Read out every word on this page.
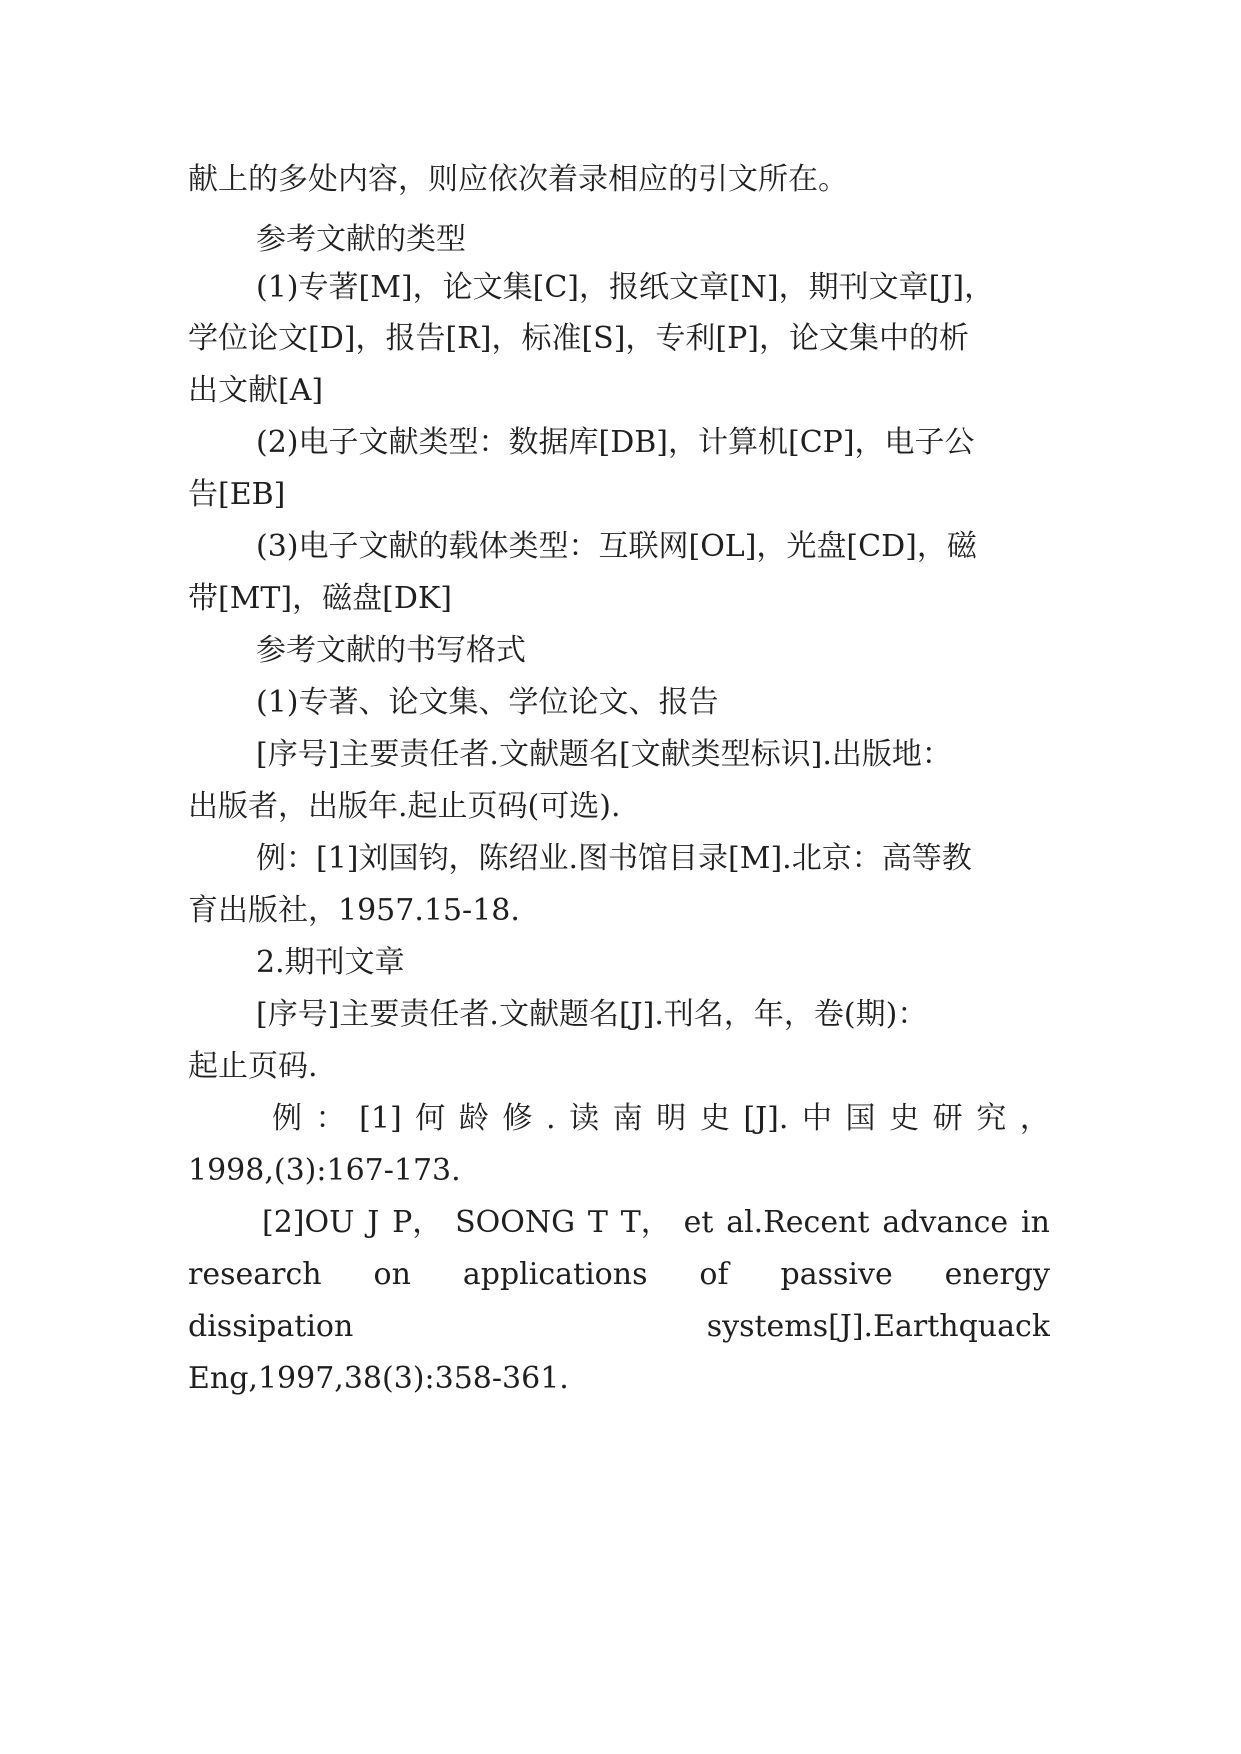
献上的多处内容，则应依次着录相应的引文所在。
参考文献的类型
(1)专著[M]，论文集[C]，报纸文章[N]，期刊文章[J]，
学位论文[D]，报告[R]，标准[S]，专利[P]，论文集中的析
出文献[A]
(2)电子文献类型：数据库[DB]，计算机[CP]，电子公
告[EB]
(3)电子文献的载体类型：互联网[OL]，光盘[CD]，磁
带[MT]，磁盘[DK]
参考文献的书写格式
(1)专著、论文集、学位论文、报告
[序号]主要责任者.文献题名[文献类型标识].出版地：
出版者，出版年.起止页码(可选).
例：[1]刘国钧，陈绍业.图书馆目录[M].北京：高等教
育出版社，1957.15-18.
2.期刊文章
[序号]主要责任者.文献题名[J].刊名，年，卷(期)：
起止页码.
例 ： [1] 何 龄 修 . 读 南 明 史 [J]. 中 国 史 研 究 ，
1998,(3):167-173.
[2]OU J P， SOONG T T， et al.Recent advance in
research on applications of passive energy
dissipation	systems[J].Earthquack
Eng,1997,38(3):358-361.
